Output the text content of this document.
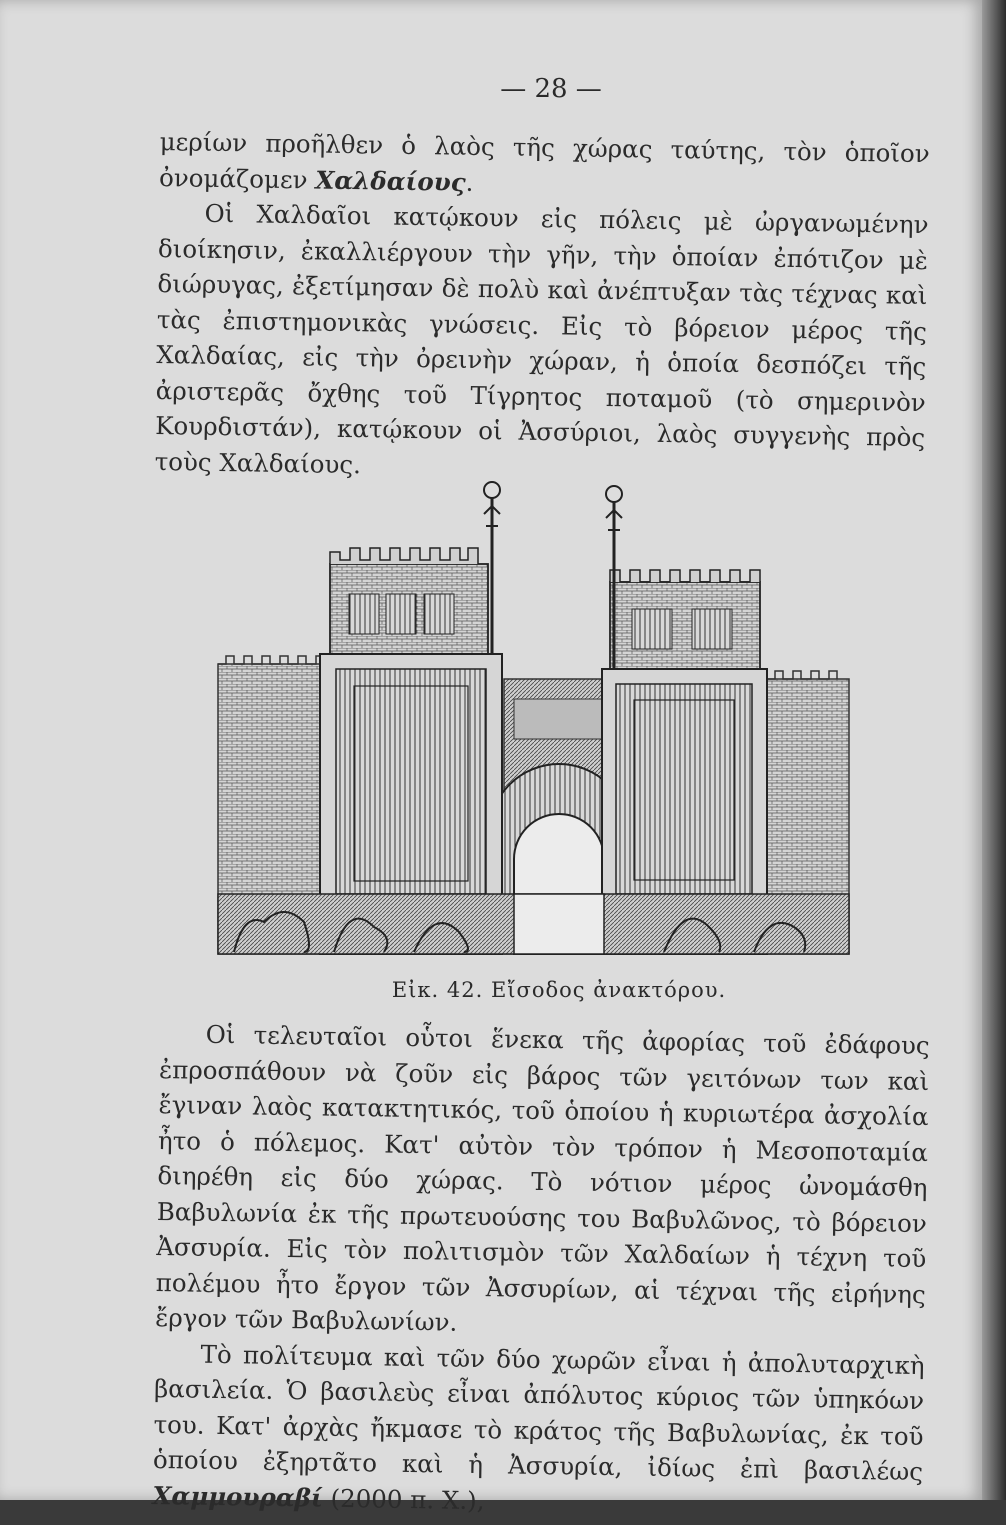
— 28 —

μερίων προῆλθεν ὁ λαὸς τῆς χώρας ταύτης, τὸν ὁποῖον ὀνομάζομεν Χαλδαίους.

Οἱ Χαλδαῖοι κατῴκουν εἰς πόλεις μὲ ὠργανωμένην διοίκησιν, ἐκαλλιέργουν τὴν γῆν, τὴν ὁποίαν ἐπότιζον μὲ διώρυγας, ἐξετίμησαν δὲ πολὺ καὶ ἀνέπτυξαν τὰς τέχνας καὶ τὰς ἐπιστημονικὰς γνώσεις. Εἰς τὸ βόρειον μέρος τῆς Χαλδαίας, εἰς τὴν ὀρεινὴν χώραν, ἡ ὁποία δεσπόζει τῆς ἀριστερᾶς ὄχθης τοῦ Τίγρητος ποταμοῦ (τὸ σημερινὸν Κουρδιστάν), κατῴκουν οἱ Ἀσσύριοι, λαὸς συγγενὴς πρὸς τοὺς Χαλδαίους.

Εἰκ. 42. Εἴσοδος ἀνακτόρου.

Οἱ τελευταῖοι οὗτοι ἕνεκα τῆς ἀφορίας τοῦ ἐδάφους ἐπροσπάθουν νὰ ζοῦν εἰς βάρος τῶν γειτόνων των καὶ ἔγιναν λαὸς κατακτητικός, τοῦ ὁποίου ἡ κυριωτέρα ἀσχολία ἦτο ὁ πόλεμος. Κατ' αὐτὸν τὸν τρόπον ἡ Μεσοποταμία διηρέθη εἰς δύο χώρας. Τὸ νότιον μέρος ὠνομάσθη Βαβυλωνία ἐκ τῆς πρωτευούσης του Βαβυλῶνος, τὸ βόρειον Ἀσσυρία. Εἰς τὸν πολιτισμὸν τῶν Χαλδαίων ἡ τέχνη τοῦ πολέμου ἦτο ἔργον τῶν Ἀσσυρίων, αἱ τέχναι τῆς εἰρήνης ἔργον τῶν Βαβυλωνίων.

Τὸ πολίτευμα καὶ τῶν δύο χωρῶν εἶναι ἡ ἀπολυταρχικὴ βασιλεία. Ὁ βασιλεὺς εἶναι ἀπόλυτος κύριος τῶν ὑπηκόων του. Κατ' ἀρχὰς ἤκμασε τὸ κράτος τῆς Βαβυλωνίας, ἐκ τοῦ ὁποίου ἐξηρτᾶτο καὶ ἡ Ἀσσυρία, ἰδίως ἐπὶ βασιλέως Χαμμουραβί (2000 π. Χ.),
